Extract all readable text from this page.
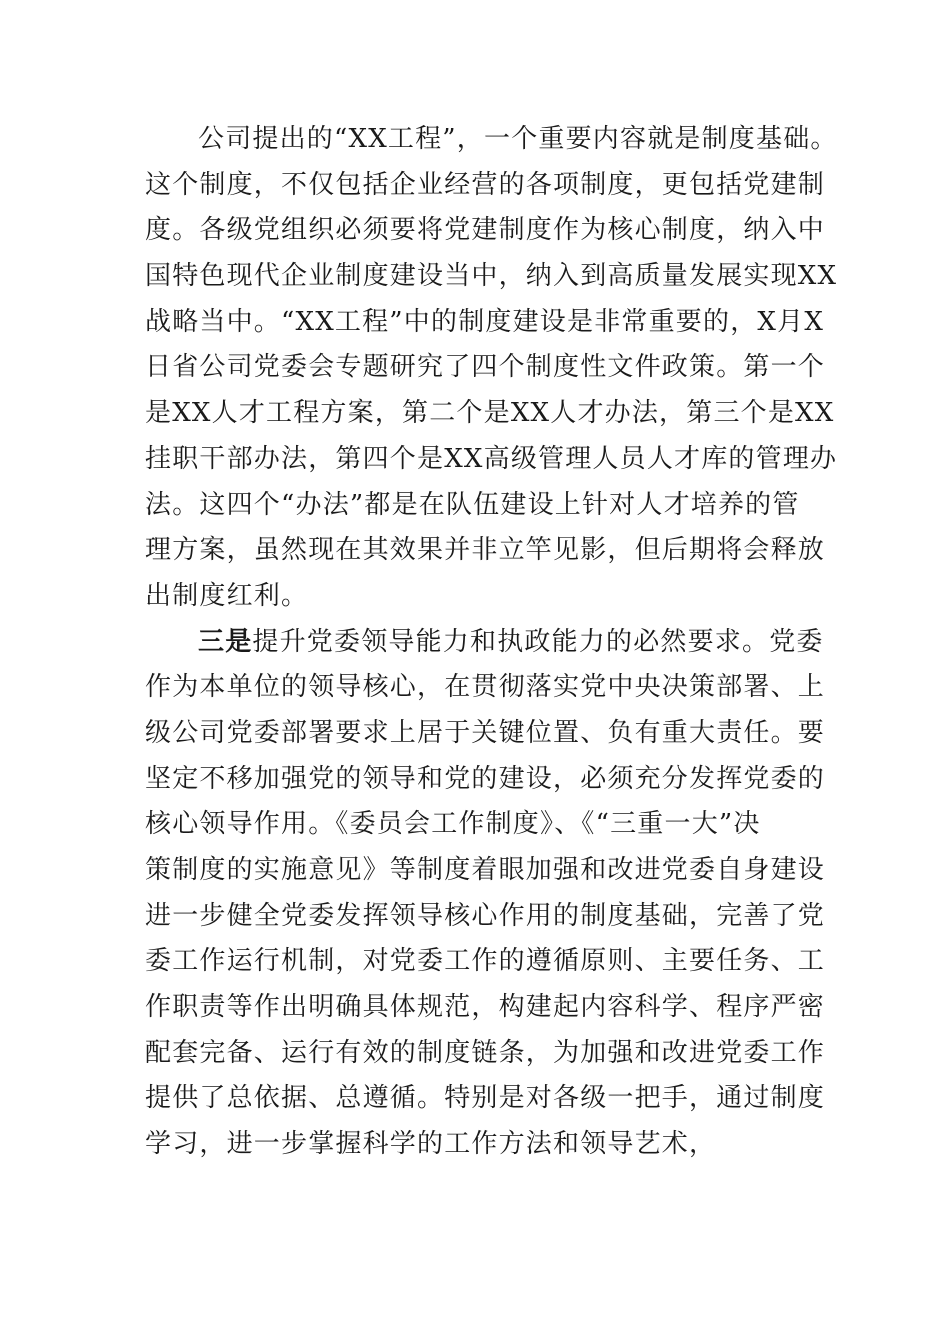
公司提出的“XX工程”，一个重要内容就是制度基础。
这个制度，不仅包括企业经营的各项制度，更包括党建制
度。各级党组织必须要将党建制度作为核心制度，纳入中
国特色现代企业制度建设当中，纳入到高质量发展实现XX
战略当中。“XX工程”中的制度建设是非常重要的，X月X
日省公司党委会专题研究了四个制度性文件政策。第一个
是XX人才工程方案，第二个是XX人才办法，第三个是XX
挂职干部办法，第四个是XX高级管理人员人才库的管理办
法。这四个“办法”都是在队伍建设上针对人才培养的管
理方案，虽然现在其效果并非立竿见影，但后期将会释放
出制度红利。
三是提升党委领导能力和执政能力的必然要求。党委
作为本单位的领导核心，在贯彻落实党中央决策部署、上
级公司党委部署要求上居于关键位置、负有重大责任。要
坚定不移加强党的领导和党的建设，必须充分发挥党委的
核心领导作用。《委员会工作制度》、《“三重一大”决
策制度的实施意见》等制度着眼加强和改进党委自身建设
进一步健全党委发挥领导核心作用的制度基础，完善了党
委工作运行机制，对党委工作的遵循原则、主要任务、工
作职责等作出明确具体规范，构建起内容科学、程序严密
配套完备、运行有效的制度链条，为加强和改进党委工作
提供了总依据、总遵循。特别是对各级一把手，通过制度
学习，进一步掌握科学的工作方法和领导艺术，
